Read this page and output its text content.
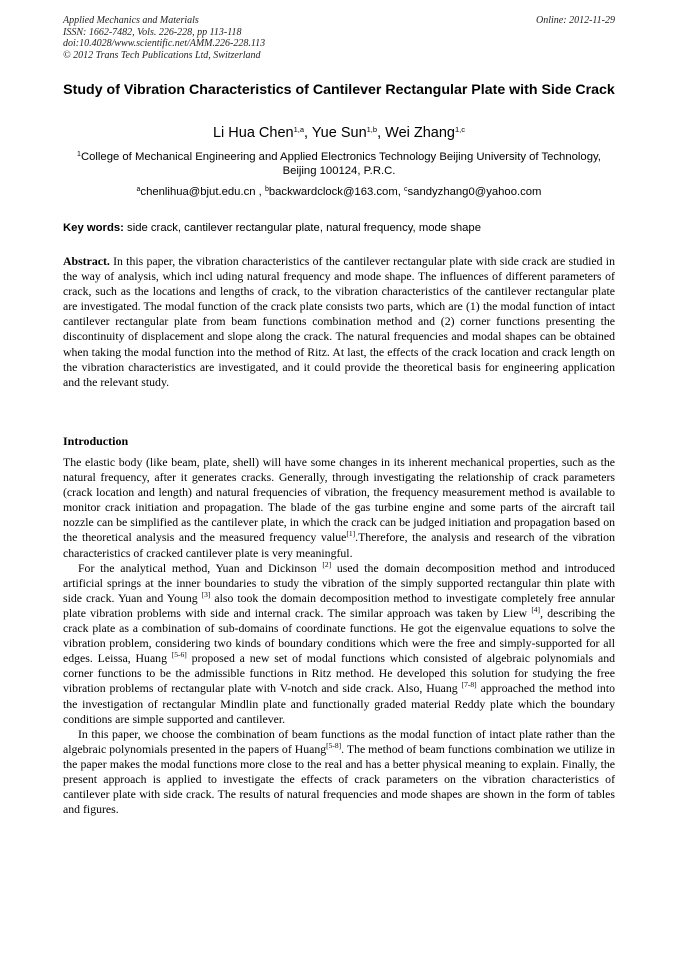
Applied Mechanics and Materials
ISSN: 1662-7482, Vols. 226-228, pp 113-118
doi:10.4028/www.scientific.net/AMM.226-228.113
© 2012 Trans Tech Publications Ltd, Switzerland
Online: 2012-11-29
Study of Vibration Characteristics of Cantilever Rectangular Plate with Side Crack
Li Hua Chen$^{1,a}$, Yue Sun$^{1,b}$, Wei Zhang$^{1,c}$
$^1$College of Mechanical Engineering and Applied Electronics Technology Beijing University of Technology, Beijing 100124, P.R.C.
$^a$chenlihua@bjut.edu.cn , $^b$backwardclock@163.com, $^c$sandyzhang0@yahoo.com
Key words: side crack, cantilever rectangular plate, natural frequency, mode shape
Abstract. In this paper, the vibration characteristics of the cantilever rectangular plate with side crack are studied in the way of analysis, which incl uding natural frequency and mode shape. The influences of different parameters of crack, such as the locations and lengths of crack, to the vibration characteristics of the cantilever rectangular plate are investigated. The modal function of the crack plate consists two parts, which are (1) the modal function of intact cantilever rectangular plate from beam functions combination method and (2) corner functions presenting the discontinuity of displacement and slope along the crack. The natural frequencies and modal shapes can be obtained when taking the modal function into the method of Ritz. At last, the effects of the crack location and crack length on the vibration characteristics are investigated, and it could provide the theoretical basis for engineering application and the relevant study.
Introduction

The elastic body (like beam, plate, shell) will have some changes in its inherent mechanical properties, such as the natural frequency, after it generates cracks. Generally, through investigating the relationship of crack parameters (crack location and length) and natural frequencies of vibration, the frequency measurement method is available to monitor crack initiation and propagation. The blade of the gas turbine engine and some parts of the aircraft tail nozzle can be simplified as the cantilever plate, in which the crack can be judged initiation and propagation based on the theoretical analysis and the measured frequency value[1].Therefore, the analysis and research of the vibration characteristics of cracked cantilever plate is very meaningful.

For the analytical method, Yuan and Dickinson [2] used the domain decomposition method and introduced artificial springs at the inner boundaries to study the vibration of the simply supported rectangular thin plate with side crack. Yuan and Young [3] also took the domain decomposition method to investigate completely free annular plate vibration problems with side and internal crack. The similar approach was taken by Liew [4], describing the crack plate as a combination of sub-domains of coordinate functions. He got the eigenvalue equations to solve the vibration problem, considering two kinds of boundary conditions which were the free and simply-supported for all edges. Leissa, Huang [5-6] proposed a new set of modal functions which consisted of algebraic polynomials and corner functions to be the admissible functions in Ritz method. He developed this solution for studying the free vibration problems of rectangular plate with V-notch and side crack. Also, Huang [7-8] approached the method into the investigation of rectangular Mindlin plate and functionally graded material Reddy plate which the boundary conditions are simple supported and cantilever.

In this paper, we choose the combination of beam functions as the modal function of intact plate rather than the algebraic polynomials presented in the papers of Huang[5-8]. The method of beam functions combination we utilize in the paper makes the modal functions more close to the real and has a better physical meaning to explain. Finally, the present approach is applied to investigate the effects of crack parameters on the vibration characteristics of cantilever plate with side crack. The results of natural frequencies and mode shapes are shown in the form of tables and figures.
